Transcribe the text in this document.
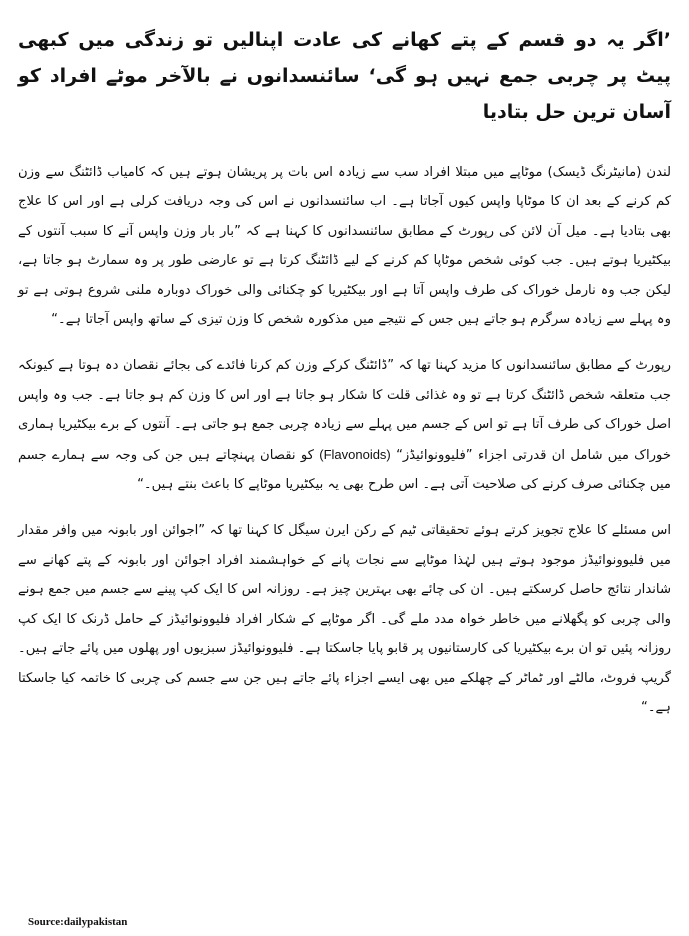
’اگر یہ دو قسم کے پتے کھانے کی عادت اپنالیں تو زندگی میں کبھی پیٹ پر چربی جمع نہیں ہو گی‘ سائنسدانوں نے بالآخر موٹے افراد کو آسان ترین حل بتادیا
لندن (مانیٹرنگ ڈیسک) موٹاپے میں مبتلا افراد سب سے زیادہ اس بات پر پریشان ہوتے ہیں کہ کامیاب ڈائٹنگ سے وزن کم کرنے کے بعد ان کا موٹاپا واپس کیوں آجاتا ہے۔ اب سائنسدانوں نے اس کی وجہ دریافت کرلی ہے اور اس کا علاج بھی بتادیا ہے۔ میل آن لائن کی رپورٹ کے مطابق سائنسدانوں کا کہنا ہے کہ ”بار بار وزن واپس آنے کا سبب آنتوں کے بیکٹیریا ہوتے ہیں۔ جب کوئی شخص موٹاپا کم کرنے کے لیے ڈائٹنگ کرتا ہے تو عارضی طور پر وہ سمارٹ ہو جاتا ہے، لیکن جب وہ نارمل خوراک کی طرف واپس آتا ہے اور بیکٹیریا کو چکنائی والی خوراک دوبارہ ملنی شروع ہوتی ہے تو وہ پہلے سے زیادہ سرگرم ہو جاتے ہیں جس کے نتیجے میں مذکورہ شخص کا وزن تیزی کے ساتھ واپس آجاتا ہے۔“
رپورٹ کے مطابق سائنسدانوں کا مزید کہنا تھا کہ ”ڈائٹنگ کرکے وزن کم کرنا فائدے کی بجائے نقصان دہ ہوتا ہے کیونکہ جب متعلقہ شخص ڈائٹنگ کرتا ہے تو وہ غذائی قلت کا شکار ہو جاتا ہے اور اس کا وزن کم ہو جاتا ہے۔ جب وہ واپس اصل خوراک کی طرف آتا ہے تو اس کے جسم میں پہلے سے زیادہ چربی جمع ہو جاتی ہے۔ آنتوں کے برے بیکٹیریا ہماری خوراک میں شامل ان قدرتی اجزاء ”فلیوونوائیڈز“ (Flavonoids) کو نقصان پہنچاتے ہیں جن کی وجہ سے ہمارے جسم میں چکنائی صرف کرنے کی صلاحیت آتی ہے۔ اس طرح بھی یہ بیکٹیریا موٹاپے کا باعث بنتے ہیں۔“
اس مسئلے کا علاج تجویز کرتے ہوئے تحقیقاتی ٹیم کے رکن ایرن سیگل کا کہنا تھا کہ ”اجوائن اور بابونہ میں وافر مقدار میں فلیوونوائیڈز موجود ہوتے ہیں لہٰذا موٹاپے سے نجات پانے کے خواہشمند افراد اجوائن اور بابونہ کے پتے کھانے سے شاندار نتائج حاصل کرسکتے ہیں۔ ان کی چائے بھی بہترین چیز ہے۔ روزانہ اس کا ایک کپ پینے سے جسم میں جمع ہونے والی چربی کو پگھلانے میں خاطر خواہ مدد ملے گی۔ اگر موٹاپے کے شکار افراد فلیوونوائیڈز کے حامل ڈرنک کا ایک کپ روزانہ پئیں تو ان برے بیکٹیریا کی کارستانیوں پر قابو پایا جاسکتا ہے۔ فلیوونوائیڈز سبزیوں اور پھلوں میں پائے جاتے ہیں۔ گریپ فروٹ، مالٹے اور ٹماٹر کے چھلکے میں بھی ایسے اجزاء پائے جاتے ہیں جن سے جسم کی چربی کا خاتمہ کیا جاسکتا ہے۔“
Source:dailypakistan
